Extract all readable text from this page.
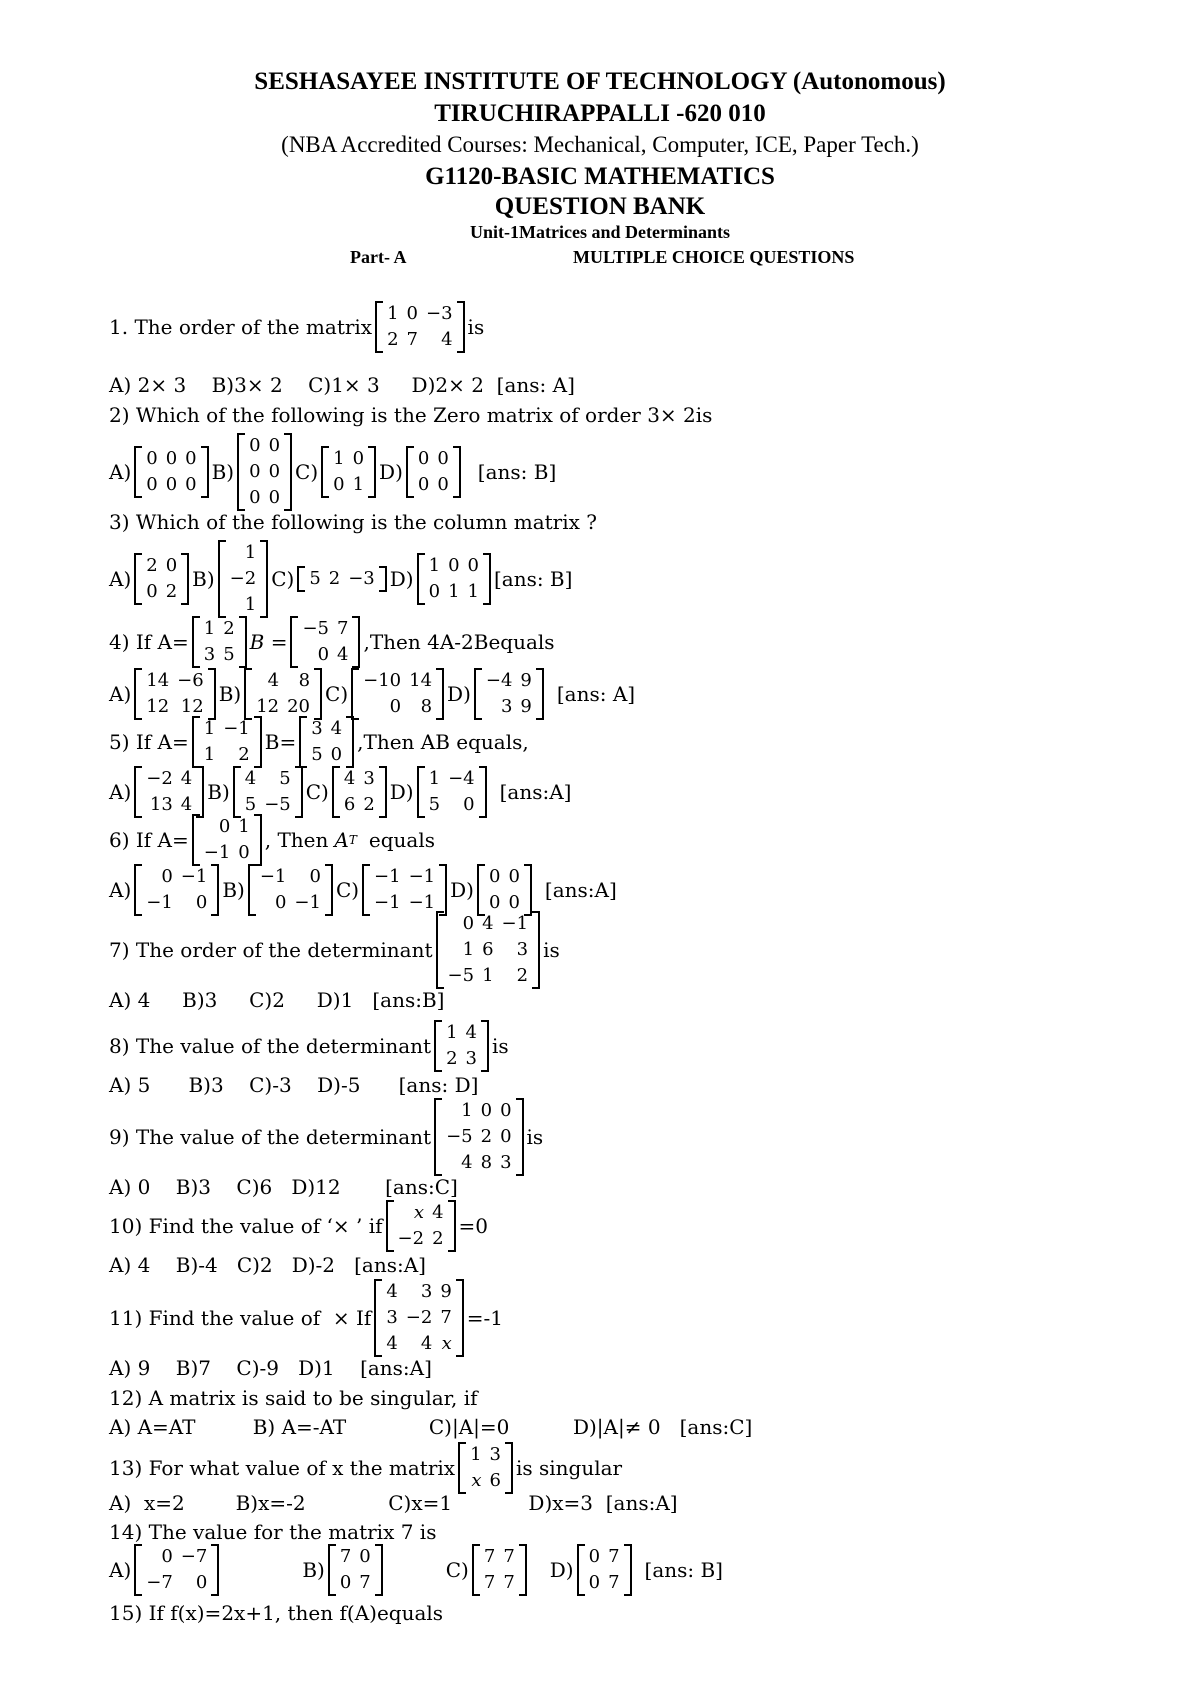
SESHASAYEE INSTITUTE OF TECHNOLOGY (Autonomous)
TIRUCHIRAPPALLI -620 010
(NBA Accredited Courses: Mechanical, Computer, ICE, Paper Tech.)
G1120-BASIC MATHEMATICS
QUESTION BANK
Unit-1Matrices and Determinants
Part- A	MULTIPLE CHOICE QUESTIONS
1. The order of the matrix
1
2
0
7
−3
4
is
A) 2× 3    B)3× 2    C)1× 3     D)2× 2  [ans: A]
2) Which of the following is the Zero matrix of order 3× 2is
A)
0
0
0
0
0
0
B)
0
0
0
0
0
0
C)
1
0
0
1
D)
0
0
0
0
[ans: B]
3) Which of the following is the column matrix ?
A)
2
0
0
2
B)
1
−2
1
C) 5 2 −3 D)
1
0
0
1
0
1
[ans: B]
4) If A=
1
3
2
5
B =
−5
0
7
4
,Then 4A-2Bequals
A)
14
12
−6
12
B)
4
12
8
20
C)
−10
0
14
8
D)
−4
3
9
9
[ans: A]
5) If A=
1
1
−1
2
B=
3
5
4
0
,Then AB equals,
A)
−2
13
4
4
B)
4
5
5
−5
C)
4
6
3
2
D)
1
5
−4
0
[ans:A]
6) If A=
0
−1
1
0
, Then A T equals
A)
0
−1
−1
0
B)
−1
0
0
−1
C)
−1
−1
−1
−1
D)
0
0
0
0
[ans:A]
7) The order of the determinant
0
1
−5
4
6
1
−1
3
2
is
A) 4     B)3     C)2     D)1   [ans:B]
8) The value of the determinant
1
2
4
3
is
A) 5      B)3    C)-3    D)-5      [ans: D]
9) The value of the determinant
1
−5
4
0
2
8
0
0
3
is
A) 0    B)3    C)6   D)12       [ans:C]
10) Find the value of ‘× ’ if
x
−2
4
2
=0
A) 4    B)-4   C)2   D)-2   [ans:A]
11) Find the value of  × If
4
3
4
3
−2
4
9
7
x
=-1
A) 9    B)7    C)-9   D)1    [ans:A]
12) A matrix is said to be singular, if
A) A=AT         B) A=-AT             C)|A|=0          D)|A|≠ 0   [ans:C]
13) For what value of x the matrix
1
x
3
6
is singular
A)  x=2        B)x=-2             C)x=1            D)x=3  [ans:A]
14) The value for the matrix 7 is
A)
0
−7
−7
0
B)
7
0
0
7
C)
7
7
7
7
D)
0
0
7
7
[ans: B]
15) If f(x)=2x+1, then f(A)equals
